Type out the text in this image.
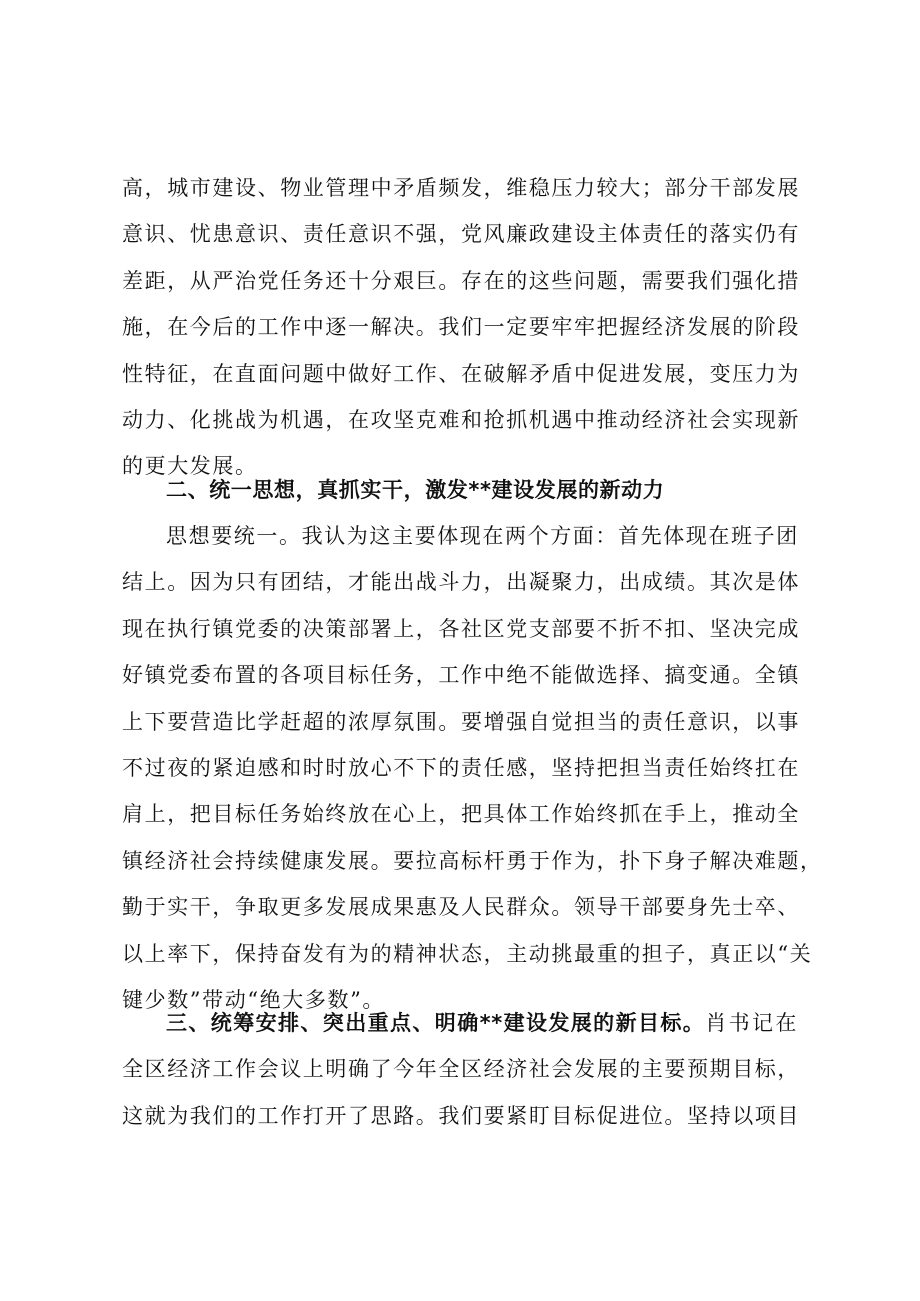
高，城市建设、物业管理中矛盾频发，维稳压力较大；部分干部发展
意识、忧患意识、责任意识不强，党风廉政建设主体责任的落实仍有
差距，从严治党任务还十分艰巨。存在的这些问题，需要我们强化措
施，在今后的工作中逐一解决。我们一定要牢牢把握经济发展的阶段
性特征，在直面问题中做好工作、在破解矛盾中促进发展，变压力为
动力、化挑战为机遇，在攻坚克难和抢抓机遇中推动经济社会实现新
的更大发展。
二、统一思想，真抓实干，激发**建设发展的新动力
思想要统一。我认为这主要体现在两个方面：首先体现在班子团
结上。因为只有团结，才能出战斗力，出凝聚力，出成绩。其次是体
现在执行镇党委的决策部署上，各社区党支部要不折不扣、坚决完成
好镇党委布置的各项目标任务，工作中绝不能做选择、搞变通。全镇
上下要营造比学赶超的浓厚氛围。要增强自觉担当的责任意识，以事
不过夜的紧迫感和时时放心不下的责任感，坚持把担当责任始终扛在
肩上，把目标任务始终放在心上，把具体工作始终抓在手上，推动全
镇经济社会持续健康发展。要拉高标杆勇于作为，扑下身子解决难题，
勤于实干，争取更多发展成果惠及人民群众。领导干部要身先士卒、
以上率下，保持奋发有为的精神状态，主动挑最重的担子，真正以“关
键少数”带动“绝大多数”。
三、统筹安排、突出重点、明确**建设发展的新目标。肖书记在
全区经济工作会议上明确了今年全区经济社会发展的主要预期目标，
这就为我们的工作打开了思路。我们要紧盯目标促进位。坚持以项目
